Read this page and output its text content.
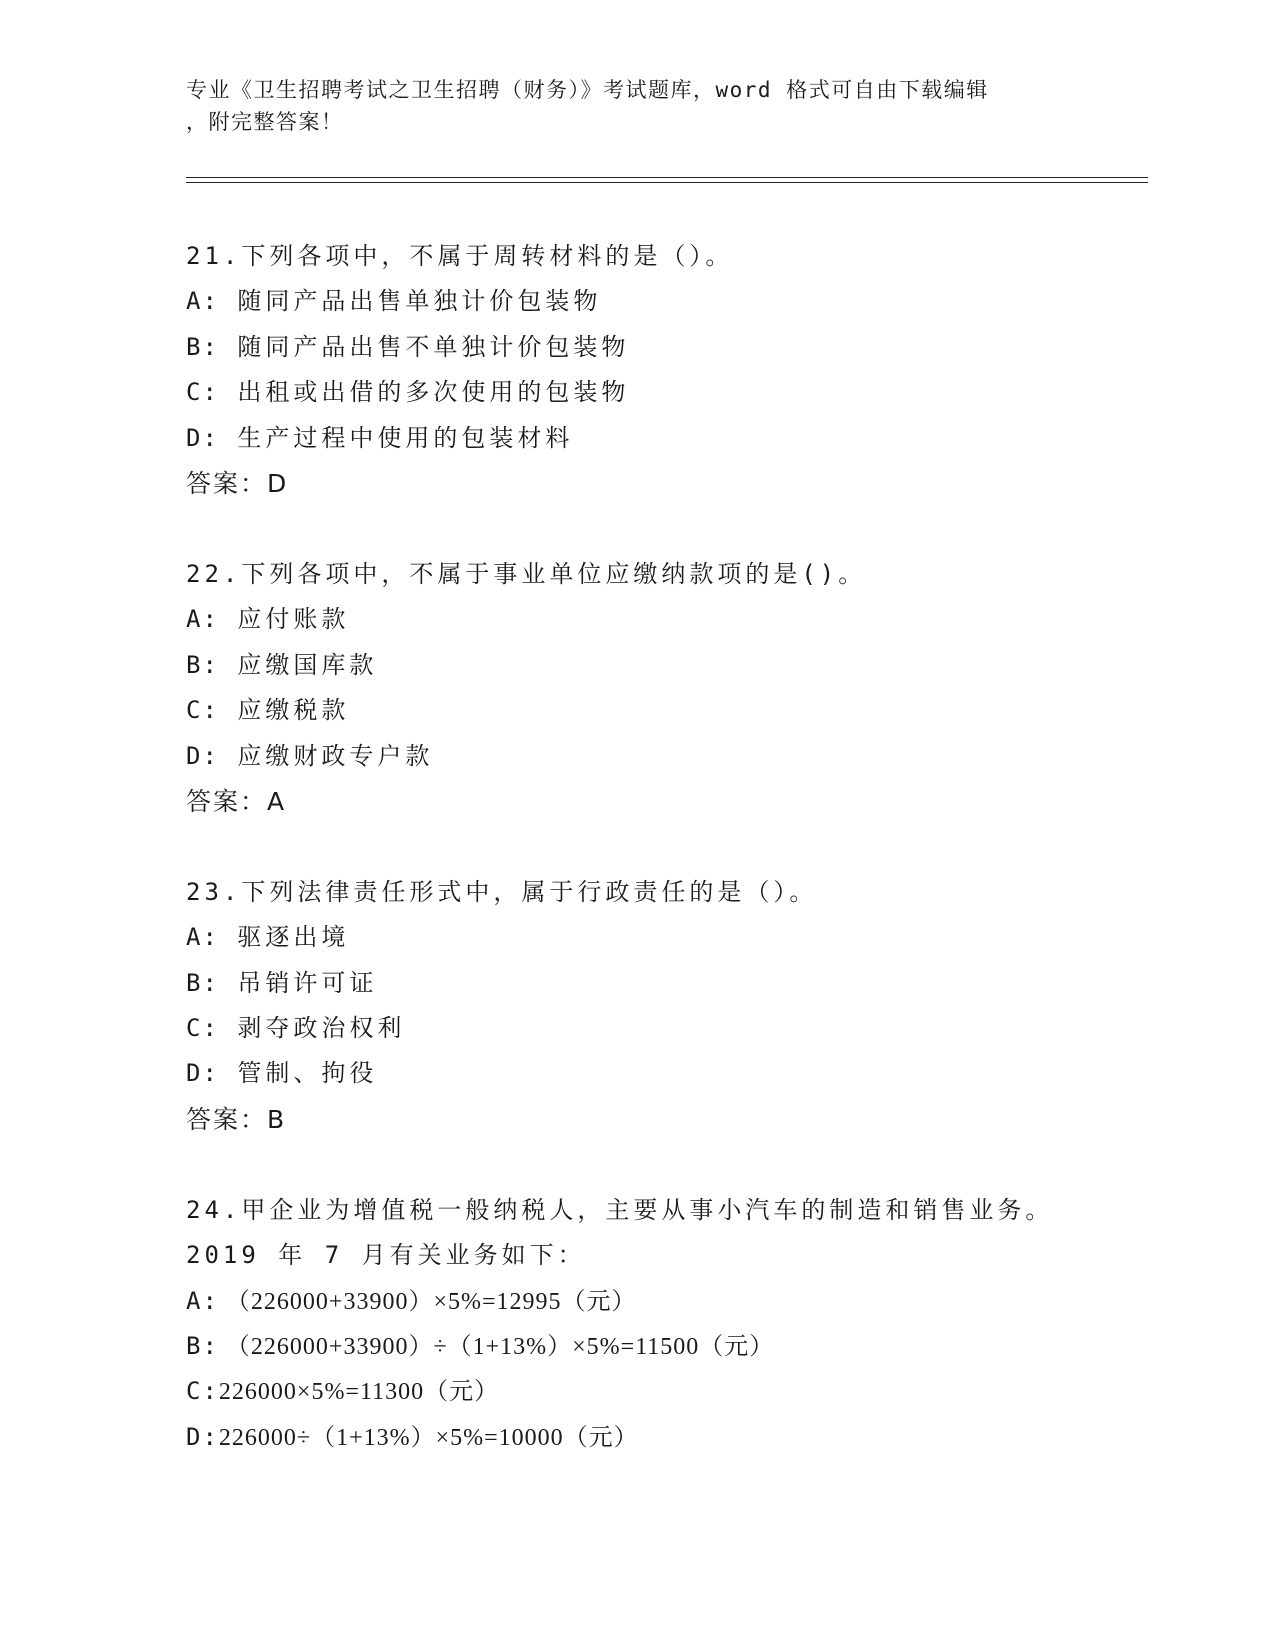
专业《卫生招聘考试之卫生招聘（财务）》考试题库，word 格式可自由下载编辑
，附完整答案！
21.下列各项中，不属于周转材料的是（）。
A: 随同产品出售单独计价包装物
B: 随同产品出售不单独计价包装物
C: 出租或出借的多次使用的包装物
D: 生产过程中使用的包装材料
答案：D
22.下列各项中，不属于事业单位应缴纳款项的是()。
A: 应付账款
B: 应缴国库款
C: 应缴税款
D: 应缴财政专户款
答案：A
23.下列法律责任形式中，属于行政责任的是（）。
A: 驱逐出境
B: 吊销许可证
C: 剥夺政治权利
D: 管制、拘役
答案：B
24.甲企业为增值税一般纳税人，主要从事小汽车的制造和销售业务。
2019 年 7 月有关业务如下：
A: （226000+33900）×5%=12995（元）
B: （226000+33900）÷（1+13%）×5%=11500（元）
C:226000×5%=11300（元）
D:226000÷（1+13%）×5%=10000（元）
